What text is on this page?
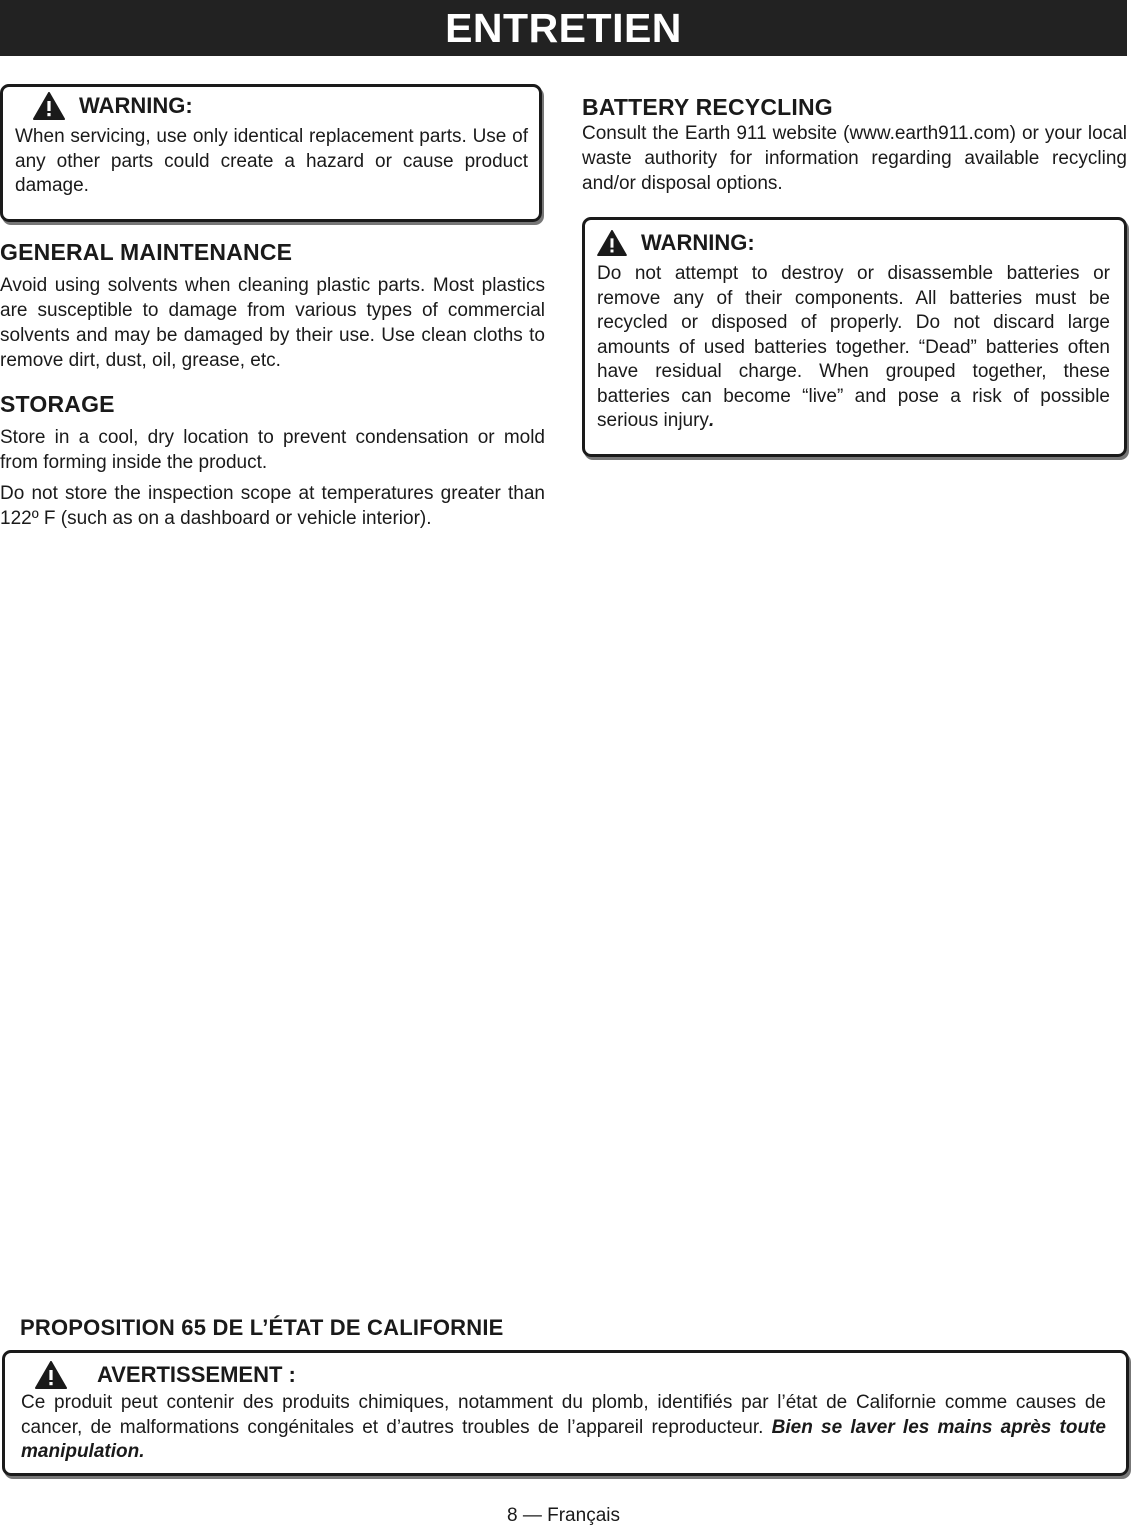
ENTRETIEN
WARNING:
When servicing, use only identical replacement parts. Use of any other parts could create a hazard or cause product damage.
GENERAL MAINTENANCE
Avoid using solvents when cleaning plastic parts. Most plastics are susceptible to damage from various types of commercial solvents and may be damaged by their use. Use clean cloths to remove dirt, dust, oil, grease, etc.
STORAGE
Store in a cool, dry location to prevent condensation or mold from forming inside the product.
Do not store the inspection scope at temperatures greater than 122º F (such as on a dashboard or vehicle interior).
BATTERY RECYCLING
Consult the Earth 911 website (www.earth911.com) or your local waste authority for information regarding available recycling and/or disposal options.
WARNING:
Do not attempt to destroy or disassemble batteries or remove any of their components. All batteries must be recycled or disposed of properly. Do not discard large amounts of used batteries together. “Dead” batteries often have residual charge. When grouped together, these batteries can become “live” and pose a risk of possible serious injury.
PROPOSITION 65 DE L’ÉTAT DE CALIFORNIE
AVERTISSEMENT :
Ce produit peut contenir des produits chimiques, notamment du plomb, identifiés par l’état de Californie comme causes de cancer, de malformations congénitales et d’autres troubles de l’appareil reproducteur. Bien se laver les mains après toute manipulation.
8 — Français
